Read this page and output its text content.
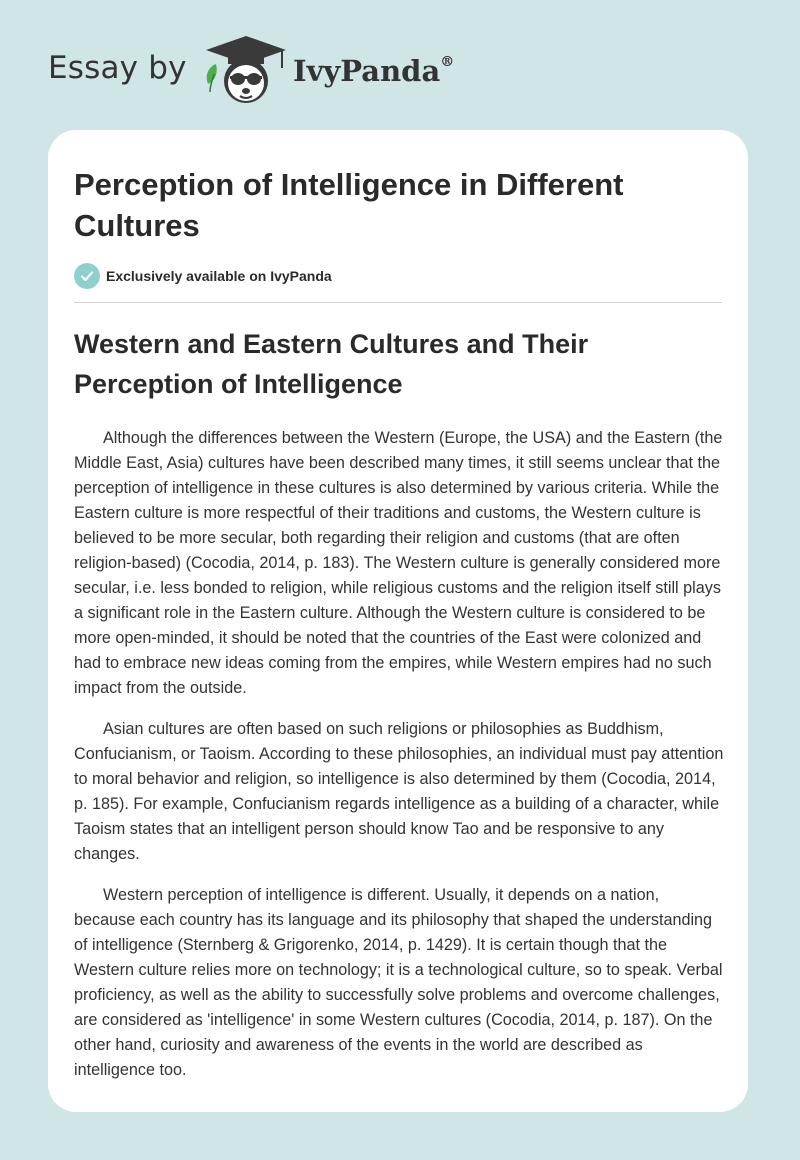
Essay by	IvyPanda®
Perception of Intelligence in Different Cultures
Exclusively available on IvyPanda
Western and Eastern Cultures and Their Perception of Intelligence

Although the differences between the Western (Europe, the USA) and the Eastern (the Middle East, Asia) cultures have been described many times, it still seems unclear that the perception of intelligence in these cultures is also determined by various criteria. While the Eastern culture is more respectful of their traditions and customs, the Western culture is believed to be more secular, both regarding their religion and customs (that are often religion-based) (Cocodia, 2014, p. 183). The Western culture is generally considered more secular, i.e. less bonded to religion, while religious customs and the religion itself still plays a significant role in the Eastern culture. Although the Western culture is considered to be more open-minded, it should be noted that the countries of the East were colonized and had to embrace new ideas coming from the empires, while Western empires had no such impact from the outside.

Asian cultures are often based on such religions or philosophies as Buddhism, Confucianism, or Taoism. According to these philosophies, an individual must pay attention to moral behavior and religion, so intelligence is also determined by them (Cocodia, 2014, p. 185). For example, Confucianism regards intelligence as a building of a character, while Taoism states that an intelligent person should know Tao and be responsive to any changes.

Western perception of intelligence is different. Usually, it depends on a nation, because each country has its language and its philosophy that shaped the understanding of intelligence (Sternberg & Grigorenko, 2014, p. 1429). It is certain though that the Western culture relies more on technology; it is a technological culture, so to speak. Verbal proficiency, as well as the ability to successfully solve problems and overcome challenges, are considered as 'intelligence' in some Western cultures (Cocodia, 2014, p. 187). On the other hand, curiosity and awareness of the events in the world are described as intelligence too.
